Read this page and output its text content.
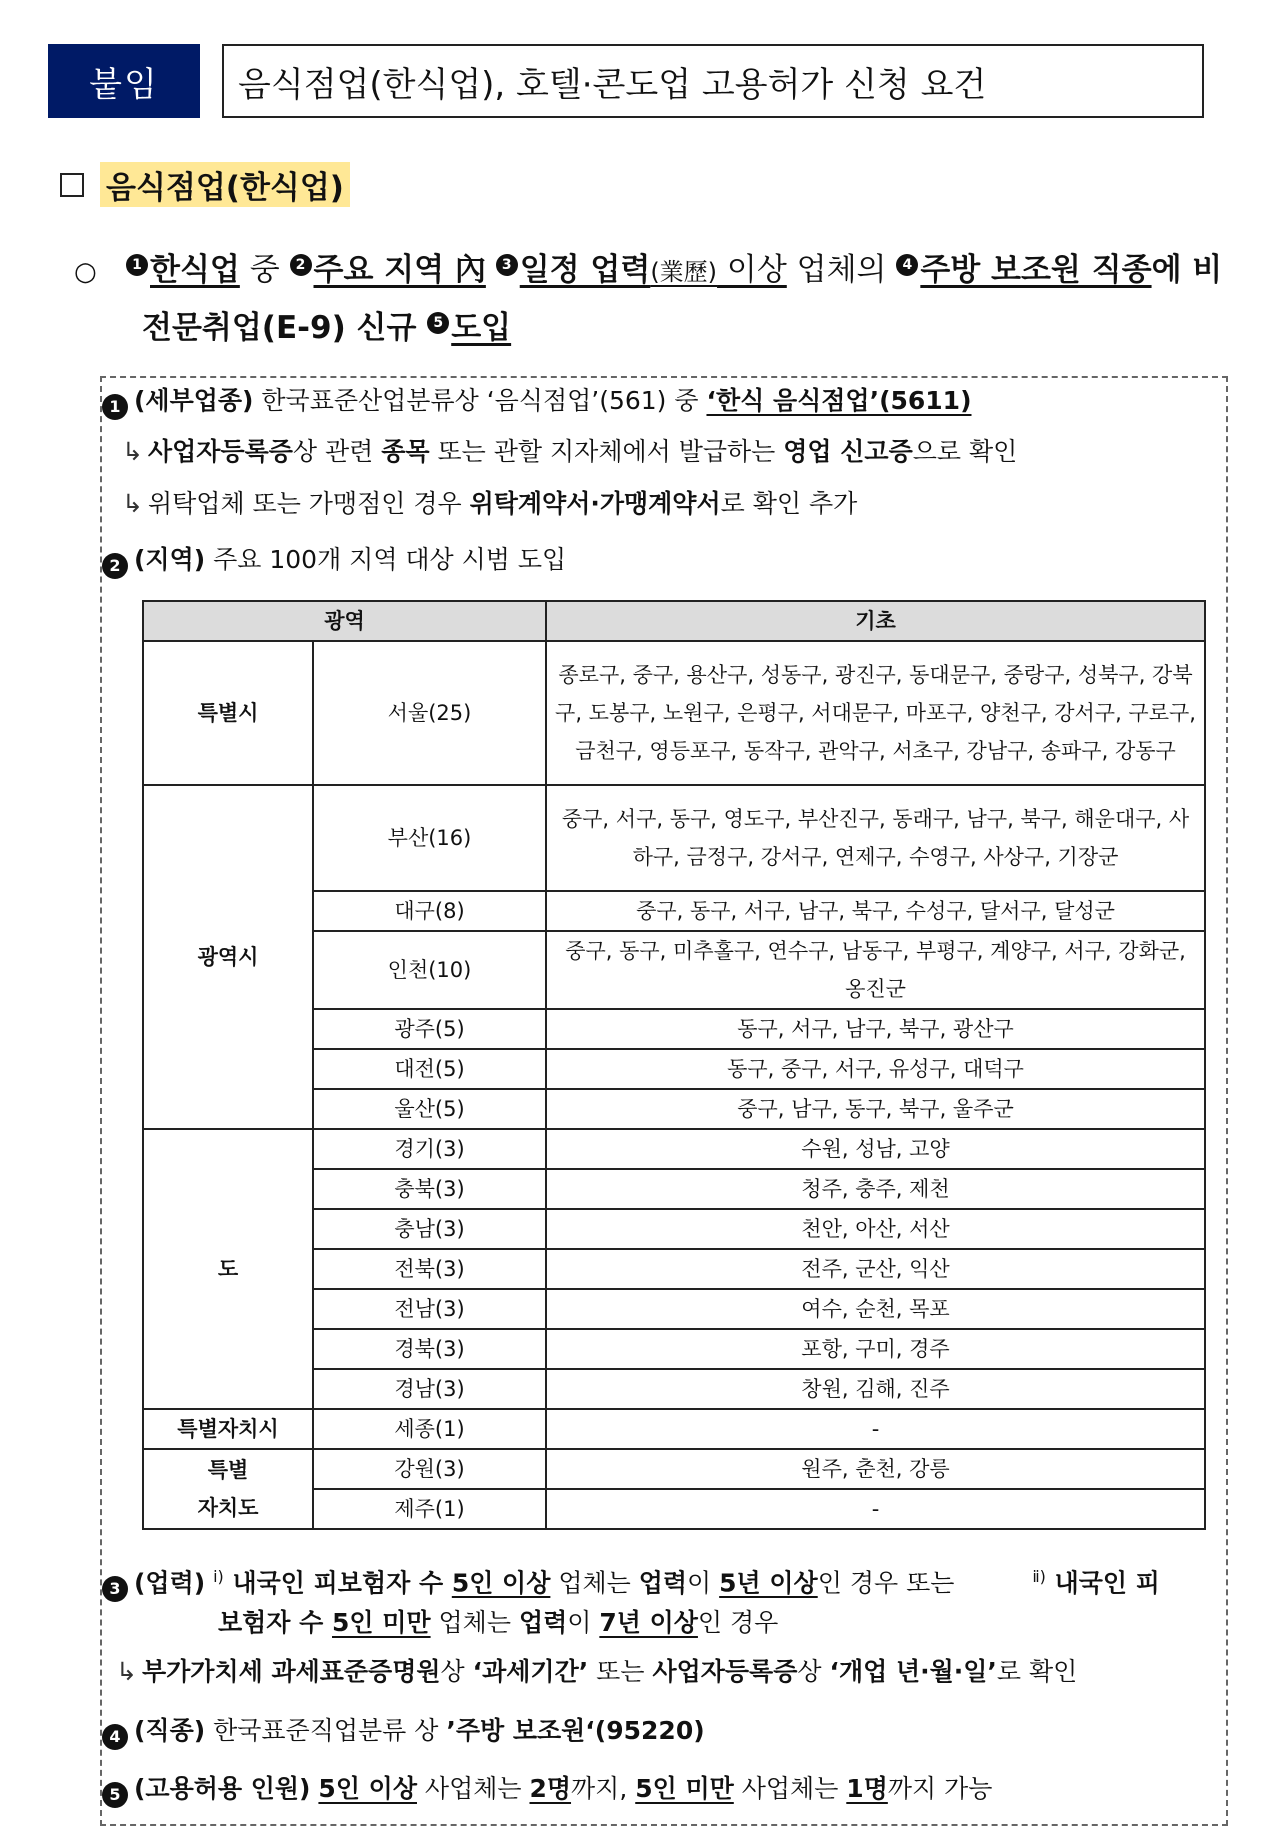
붙임	음식점업(한식업), 호텔·콘도업 고용허가 신청 요건
음식점업(한식업)
○	1 한식업 중 2 주요 지역 內 3 일정 업력(業歷) 이상 업체의 4 주방 보조원 직종에 비
전문취업(E-9) 신규 5 도입
1 (세부업종) 한국표준산업분류상 ‘음식점업’(561) 중 ‘한식 음식점업’(5611)
↳ 사업자등록증상 관련 종목 또는 관할 지자체에서 발급하는 영업 신고증으로 확인
↳ 위탁업체 또는 가맹점인 경우 위탁계약서·가맹계약서로 확인 추가
2 (지역) 주요 100개 지역 대상 시범 도입
광역		기초
특별시	서울(25)	종로구, 중구, 용산구, 성동구, 광진구, 동대문구, 중랑구, 성북구, 강북구, 도봉구, 노원구, 은평구, 서대문구, 마포구, 양천구, 강서구, 구로구, 금천구, 영등포구, 동작구, 관악구, 서초구, 강남구, 송파구, 강동구
광역시	부산(16)	중구, 서구, 동구, 영도구, 부산진구, 동래구, 남구, 북구, 해운대구, 사하구, 금정구, 강서구, 연제구, 수영구, 사상구, 기장군
	대구(8)	중구, 동구, 서구, 남구, 북구, 수성구, 달서구, 달성군
	인천(10)	중구, 동구, 미추홀구, 연수구, 남동구, 부평구, 계양구, 서구, 강화군, 옹진군
	광주(5)	동구, 서구, 남구, 북구, 광산구
	대전(5)	동구, 중구, 서구, 유성구, 대덕구
	울산(5)	중구, 남구, 동구, 북구, 울주군
도	경기(3)	수원, 성남, 고양
	충북(3)	청주, 충주, 제천
	충남(3)	천안, 아산, 서산
	전북(3)	전주, 군산, 익산
	전남(3)	여수, 순천, 목포
	경북(3)	포항, 구미, 경주
	경남(3)	창원, 김해, 진주
특별자치시	세종(1)	-
특별
자치도	강원(3)	원주, 춘천, 강릉
	제주(1)	-
3 (업력) $^{ⅰ)}$ 내국인 피보험자 수 5인 이상 업체는 업력이 5년 이상인 경우 또는	$^{ⅱ)}$ 내국인 피
보험자 수 5인 미만 업체는 업력이 7년 이상인 경우
↳ 부가가치세 과세표준증명원상 ‘과세기간’ 또는 사업자등록증상 ‘개업 년·월·일’로 확인
4 (직종) 한국표준직업분류 상 ’주방 보조원‘(95220)
5 (고용허용 인원) 5인 이상 사업체는 2명까지, 5인 미만 사업체는 1명까지 가능
